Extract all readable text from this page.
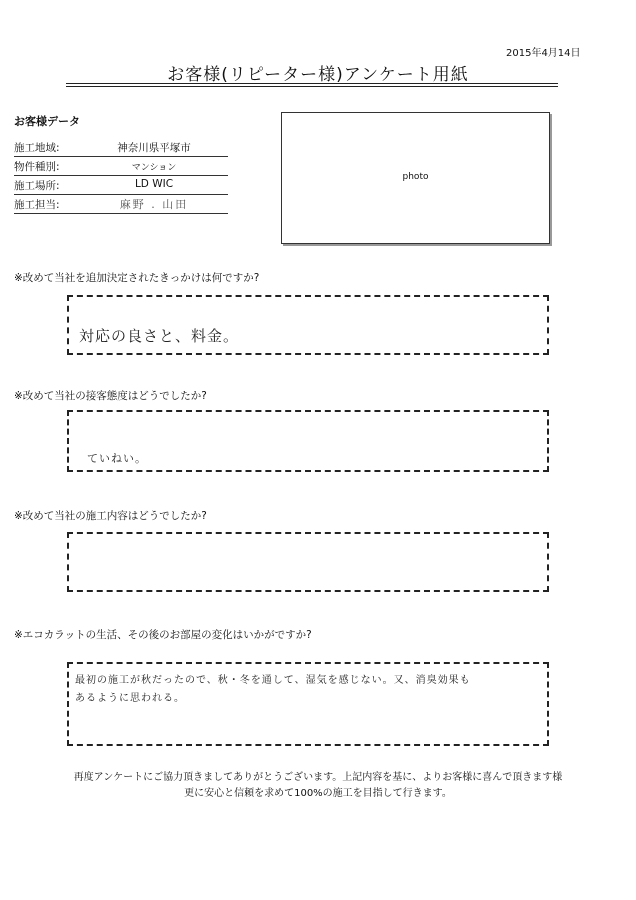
2015年4月14日
お客様(リピーター様)アンケート用紙
お客様データ
施工地域:	神奈川県平塚市
物件種別:	マンション
施工場所:	LD WIC
施工担当:	麻野 . 山田
photo
※改めて当社を追加決定されたきっかけは何ですか?
対応の良さと、料金。
※改めて当社の接客態度はどうでしたか?
ていねい。
※改めて当社の施工内容はどうでしたか?
※エコカラットの生活、その後のお部屋の変化はいかがですか?
最初の施工が秋だったので、秋・冬を通して、湿気を感じない。又、消臭効果も
あるように思われる。
再度アンケートにご協力頂きましてありがとうございます。上記内容を基に、よりお客様に喜んで頂きます様
更に安心と信頼を求めて100%の施工を目指して行きます。
